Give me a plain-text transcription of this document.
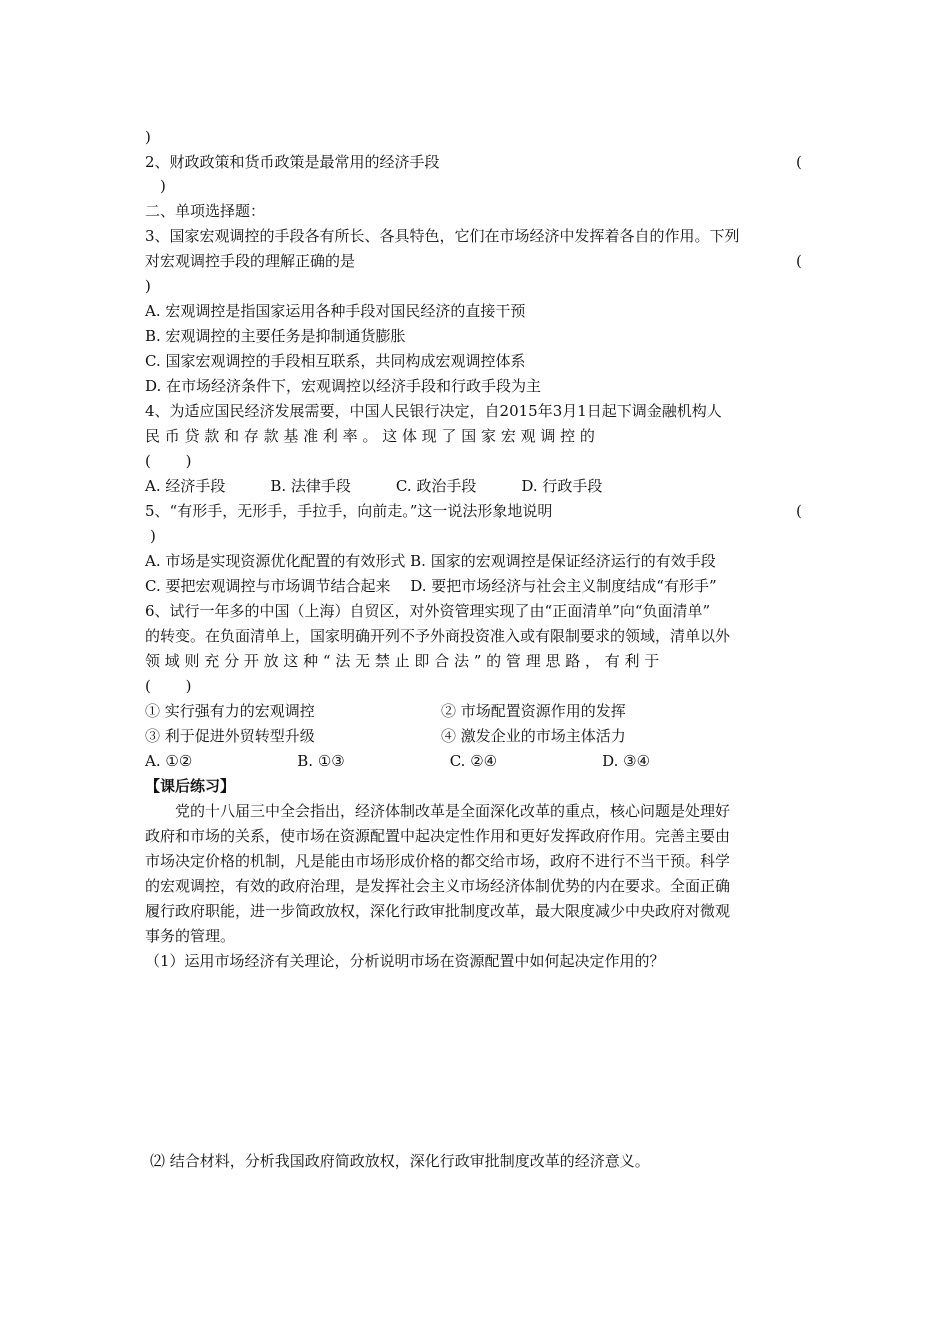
)
2、财政政策和货币政策是最常用的经济手段	(
)
二、单项选择题：
3、国家宏观调控的手段各有所长、各具特色，它们在市场经济中发挥着各自的作用。下列
对宏观调控手段的理解正确的是	(
)
A. 宏观调控是指国家运用各种手段对国民经济的直接干预
B. 宏观调控的主要任务是抑制通货膨胀
C. 国家宏观调控的手段相互联系，共同构成宏观调控体系
D. 在市场经济条件下，宏观调控以经济手段和行政手段为主
4、为适应国民经济发展需要，中国人民银行决定，自2015年3月1日起下调金融机构人
民 币 贷 款 和 存 款 基 准 利 率 。 这 体 现 了 国 家 宏 观 调 控 的
(　　 )
A. 经济手段　　　B. 法律手段　　　C. 政治手段　　　D. 行政手段
5、“有形手，无形手，手拉手，向前走。”这一说法形象地说明	(
)
A. 市场是实现资源优化配置的有效形式 B. 国家的宏观调控是保证经济运行的有效手段
C. 要把宏观调控与市场调节结合起来　 D. 要把市场经济与社会主义制度结成“有形手”
6、试行一年多的中国（上海）自贸区，对外资管理实现了由“正面清单”向“负面清单”
的转变。在负面清单上，国家明确开列不予外商投资准入或有限制要求的领域，清单以外
领 域 则 充 分 开 放 这 种 “ 法 无 禁 止 即 合 法 ” 的 管 理 思 路 ， 有 利 于
(　　 )
① 实行强有力的宏观调控	② 市场配置资源作用的发挥
③ 利于促进外贸转型升级	④ 激发企业的市场主体活力
A. ①②　　　　　　　B. ①③　　　　　　　C. ②④　　　　　　　D. ③④
【课后练习】
　　党的十八届三中全会指出，经济体制改革是全面深化改革的重点，核心问题是处理好
政府和市场的关系，使市场在资源配置中起决定性作用和更好发挥政府作用。完善主要由
市场决定价格的机制，凡是能由市场形成价格的都交给市场，政府不进行不当干预。科学
的宏观调控，有效的政府治理，是发挥社会主义市场经济体制优势的内在要求。全面正确
履行政府职能，进一步简政放权，深化行政审批制度改革，最大限度减少中央政府对微观
事务的管理。
（1）运用市场经济有关理论，分析说明市场在资源配置中如何起决定作用的？
⑵ 结合材料，分析我国政府简政放权，深化行政审批制度改革的经济意义。
